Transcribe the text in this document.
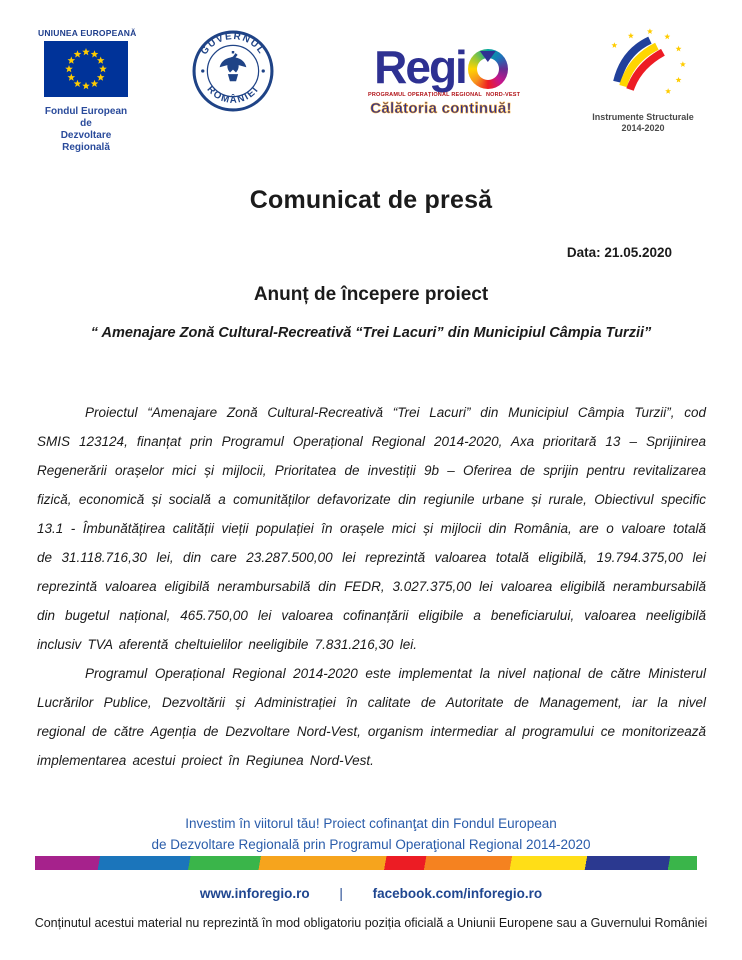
UNIUNEA EUROPEANĂ
Fondul European de
Dezvoltare Regională
GUVERNUL
ROMÂNIEI Regi
PROGRAMUL OPERAȚIONAL REGIONAL NORD-VEST
Călătoria continuă!	Instrumente Structurale
2014-2020
Comunicat de presă
Data: 21.05.2020
Anunț de începere proiect
“ Amenajare Zonă Cultural-Recreativă “Trei Lacuri” din Municipiul Câmpia Turzii”

Proiectul “Amenajare Zonă Cultural-Recreativă “Trei Lacuri” din Municipiul Câmpia Turzii”, cod SMIS 123124, finanțat prin Programul Operațional Regional 2014-2020, Axa prioritară 13 – Sprijinirea Regenerării orașelor mici și mijlocii, Prioritatea de investiții 9b – Oferirea de sprijin pentru revitalizarea fizică, economică și socială a comunităților defavorizate din regiunile urbane și rurale, Obiectivul specific 13.1 - Îmbunătățirea calității vieții populației în orașele mici și mijlocii din România, are o valoare totală de 31.118.716,30 lei, din care 23.287.500,00 lei reprezintă valoarea totală eligibilă, 19.794.375,00 lei reprezintă valoarea eligibilă nerambursabilă din FEDR, 3.027.375,00 lei valoarea eligibilă nerambursabilă din bugetul național, 465.750,00 lei valoarea cofinanțării eligibile a beneficiarului, valoarea neeligibilă inclusiv TVA aferentă cheltuielilor neeligibile 7.831.216,30 lei.

Programul Operațional Regional 2014-2020 este implementat la nivel național de către Ministerul Lucrărilor Publice, Dezvoltării și Administrației în calitate de Autoritate de Management, iar la nivel regional de către Agenția de Dezvoltare Nord-Vest, organism intermediar al programului ce monitorizează implementarea acestui proiect în Regiunea Nord-Vest.

Investim în viitorul tău! Proiect cofinanţat din Fondul European
de Dezvoltare Regională prin Programul Operaţional Regional 2014-2020
www.inforegio.ro | facebook.com/inforegio.ro
Conținutul acestui material nu reprezintă în mod obligatoriu poziția oficială a Uniunii Europene sau a Guvernului României
